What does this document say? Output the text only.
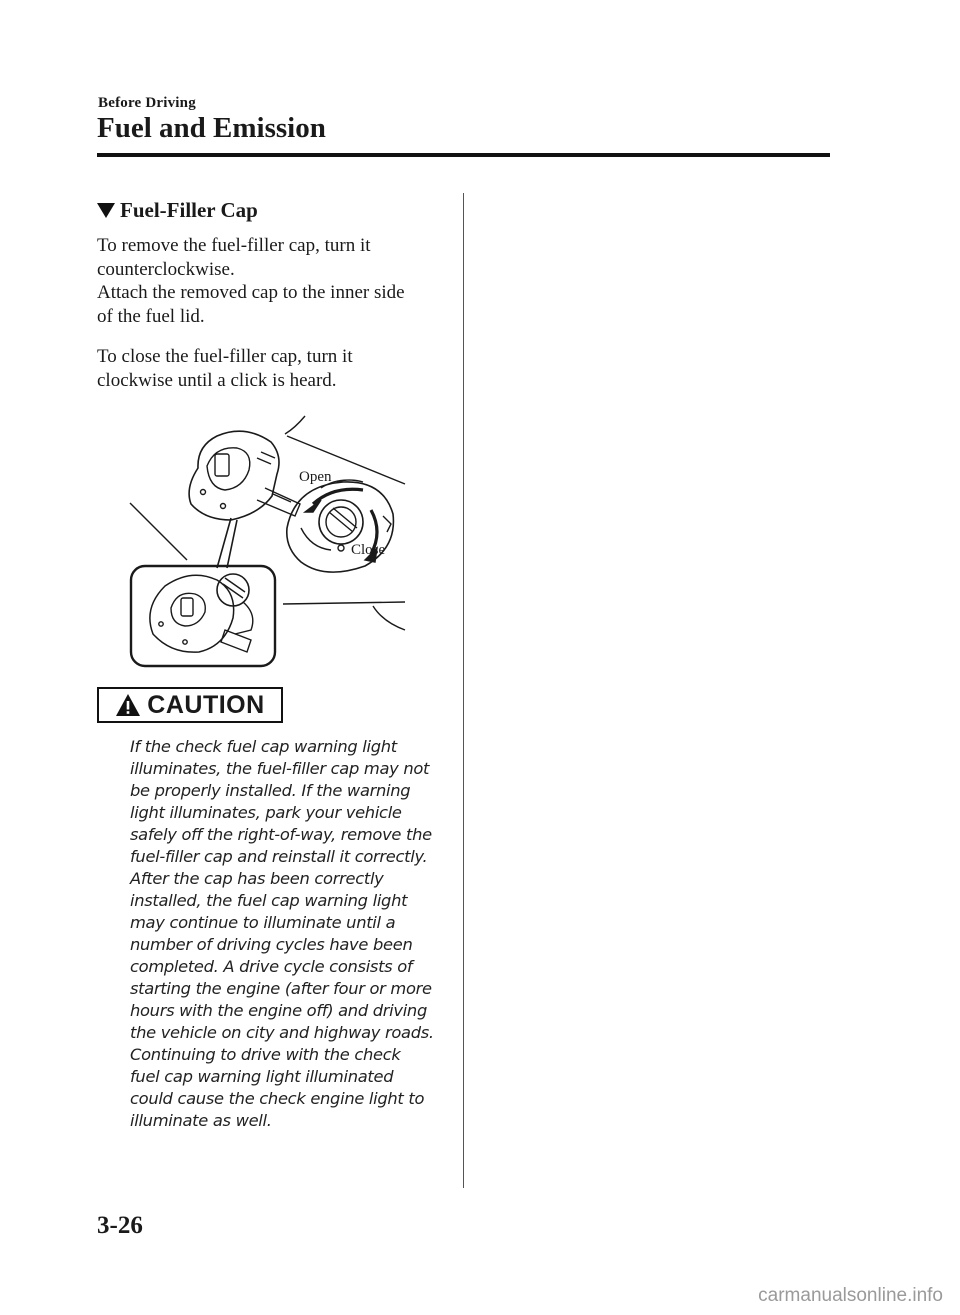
Before Driving
Fuel and Emission
Fuel-Filler Cap

To remove the fuel-filler cap, turn it
counterclockwise.
Attach the removed cap to the inner side
of the fuel lid.

To close the fuel-filler cap, turn it
clockwise until a click is heard.

Open
Close
CAUTION

If the check fuel cap warning light
illuminates, the fuel-filler cap may not
be properly installed. If the warning
light illuminates, park your vehicle
safely off the right-of-way, remove the
fuel-filler cap and reinstall it correctly.
After the cap has been correctly
installed, the fuel cap warning light
may continue to illuminate until a
number of driving cycles have been
completed. A drive cycle consists of
starting the engine (after four or more
hours with the engine off) and driving
the vehicle on city and highway roads.
Continuing to drive with the check
fuel cap warning light illuminated
could cause the check engine light to
illuminate as well.

3-26
carmanualsonline.info
